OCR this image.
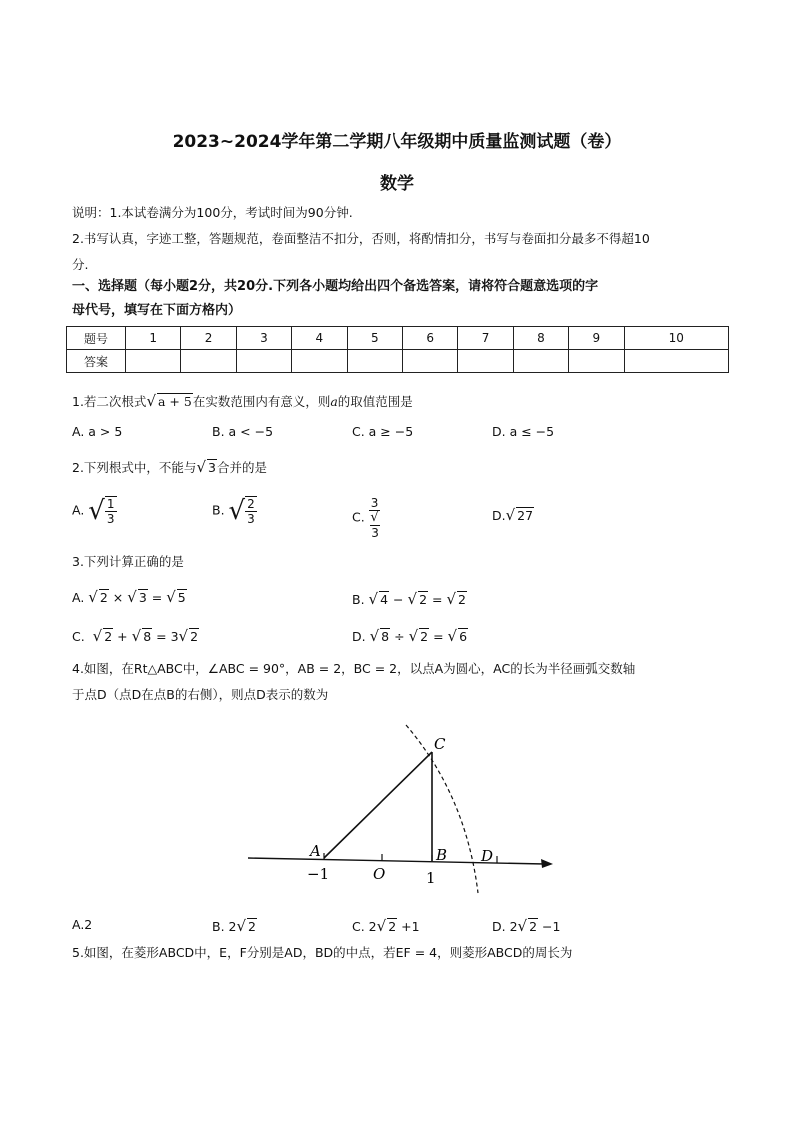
2023~2024学年第二学期八年级期中质量监测试题（卷）
数学
说明：1.本试卷满分为100分，考试时间为90分钟.
2.书写认真，字迹工整，答题规范，卷面整洁不扣分，否则，将酌情扣分，书写与卷面扣分最多不得超10
分.
一、选择题（每小题2分，共20分.下列各小题均给出四个备选答案，请将符合题意选项的字
母代号，填写在下面方格内）
题号	1	2	3	4	5	6	7	8	9	10
答案										
1.若二次根式√ a + 5在实数范围内有意义，则a的取值范围是
A. a > 5	B. a < −5	C. a ≥ −5	D. a ≤ −5
2.下列根式中，不能与√ 3合并的是
A. √ $\frac{1}{3}$	B. √ $\frac{2}{3}$	C. 3
√
3	D.√ 27
3.下列计算正确的是
A. √ 2 × √ 3 = √ 5	B. √ 4 − √ 2 = √ 2
C. √ 2 + √ 8 = 3√ 2	D. √ 8 ÷ √ 2 = √ 6
4.如图，在Rt△ABC中，∠ABC = 90°，AB = 2，BC = 2，以点A为圆心，AC的长为半径画弧交数轴
于点D（点D在点B的右侧），则点D表示的数为
C
A	B D
O
−1	1
A.2	B. 2√ 2	C. 2√ 2 +1	D. 2√ 2 −1
5.如图，在菱形ABCD中，E，F分别是AD，BD的中点，若EF = 4，则菱形ABCD的周长为
